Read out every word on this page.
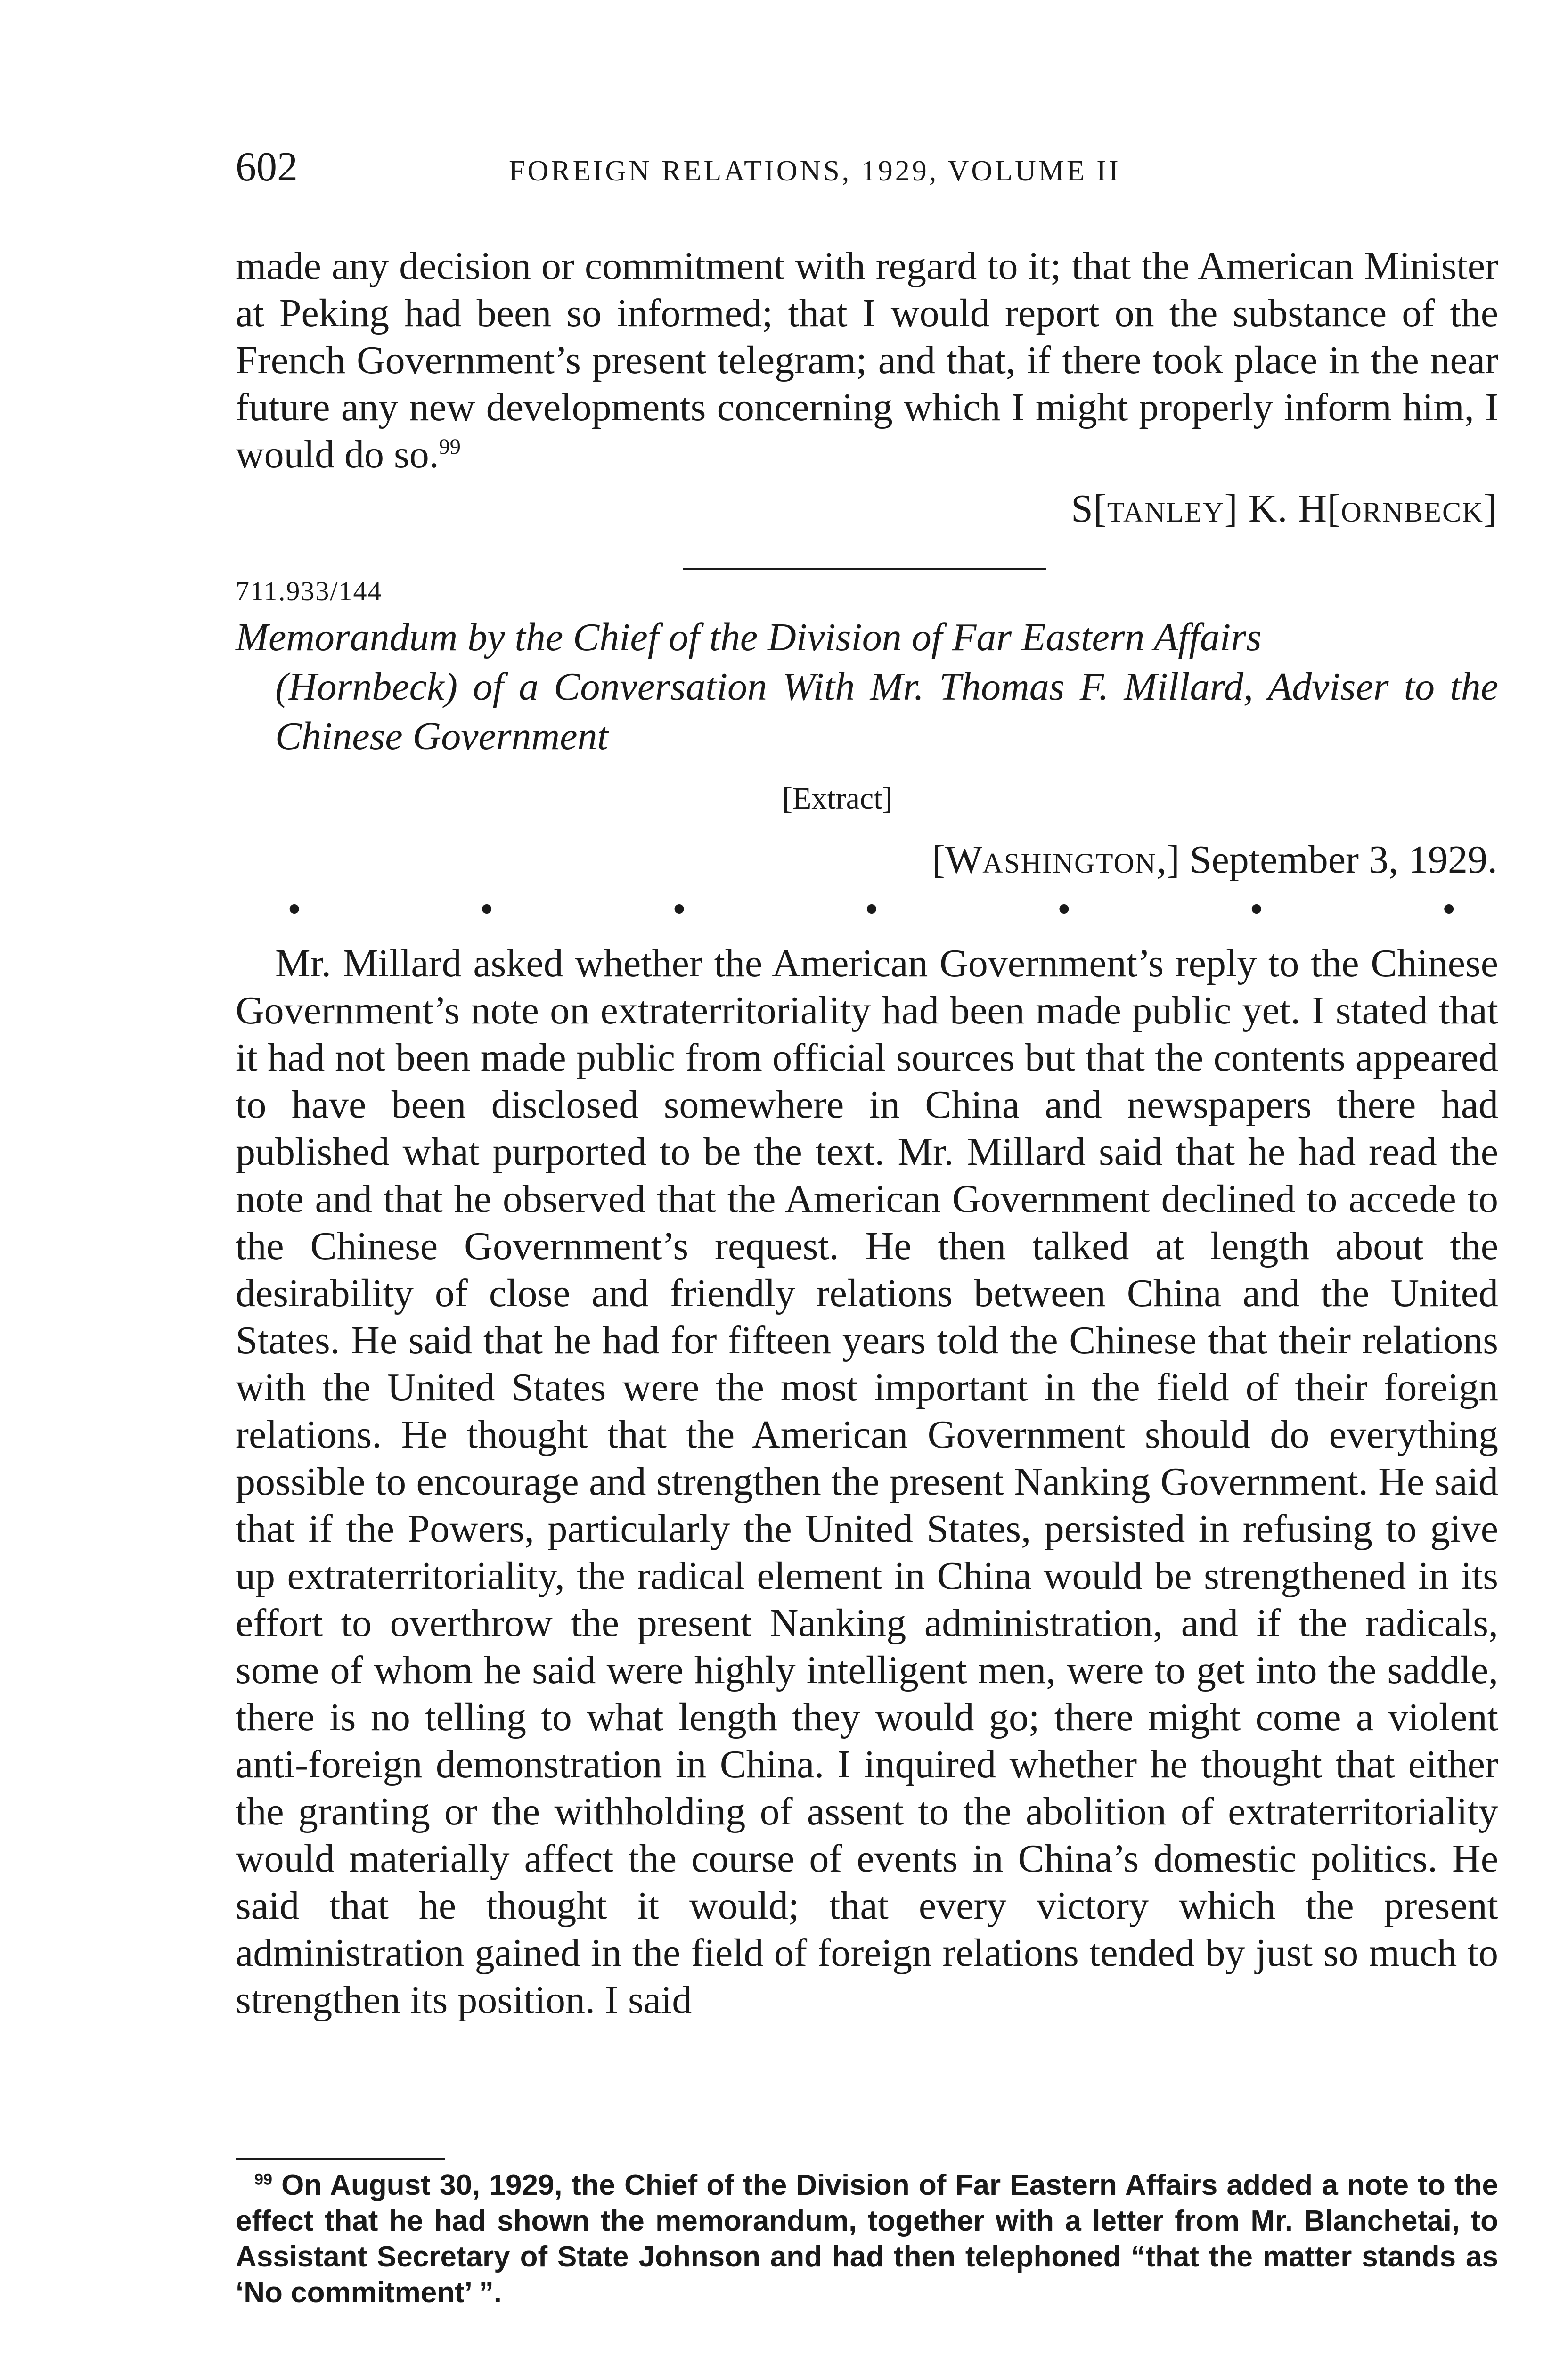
602	FOREIGN RELATIONS, 1929, VOLUME II

made any decision or commitment with regard to it; that the American Minister at Peking had been so informed; that I would report on the substance of the French Government’s present telegram; and that, if there took place in the near future any new developments concerning which I might properly inform him, I would do so.$^{99}$

S[TANLEY] K. H[ORNBECK]
711.933/144

Memorandum by the Chief of the Division of Far Eastern Affairs

(Hornbeck) of a Conversation With Mr. Thomas F. Millard, Adviser to the Chinese Government

[Extract]
[WASHINGTON,] September 3, 1929.
•	•	•	•	•	•	•

Mr. Millard asked whether the American Government’s reply to the Chinese Government’s note on extraterritoriality had been made public yet. I stated that it had not been made public from official sources but that the contents appeared to have been disclosed somewhere in China and newspapers there had published what purported to be the text. Mr. Millard said that he had read the note and that he observed that the American Government declined to accede to the Chinese Government’s request. He then talked at length about the desirability of close and friendly relations between China and the United States. He said that he had for fifteen years told the Chinese that their relations with the United States were the most important in the field of their foreign relations. He thought that the American Government should do everything possible to encourage and strengthen the present Nanking Government. He said that if the Powers, particularly the United States, persisted in refusing to give up extraterritoriality, the radical element in China would be strengthened in its effort to overthrow the present Nanking administration, and if the radicals, some of whom he said were highly intelligent men, were to get into the saddle, there is no telling to what length they would go; there might come a violent anti-foreign demonstration in China. I inquired whether he thought that either the granting or the withholding of assent to the abolition of extraterritoriality would materially affect the course of events in China’s domestic politics. He said that he thought it would; that every victory which the present administration gained in the field of foreign relations tended by just so much to strengthen its position. I said

$^{99}$ On August 30, 1929, the Chief of the Division of Far Eastern Affairs added a note to the effect that he had shown the memorandum, together with a letter from Mr. Blanchetai, to Assistant Secretary of State Johnson and had then telephoned “that the matter stands as ‘No commitment’ ”.
